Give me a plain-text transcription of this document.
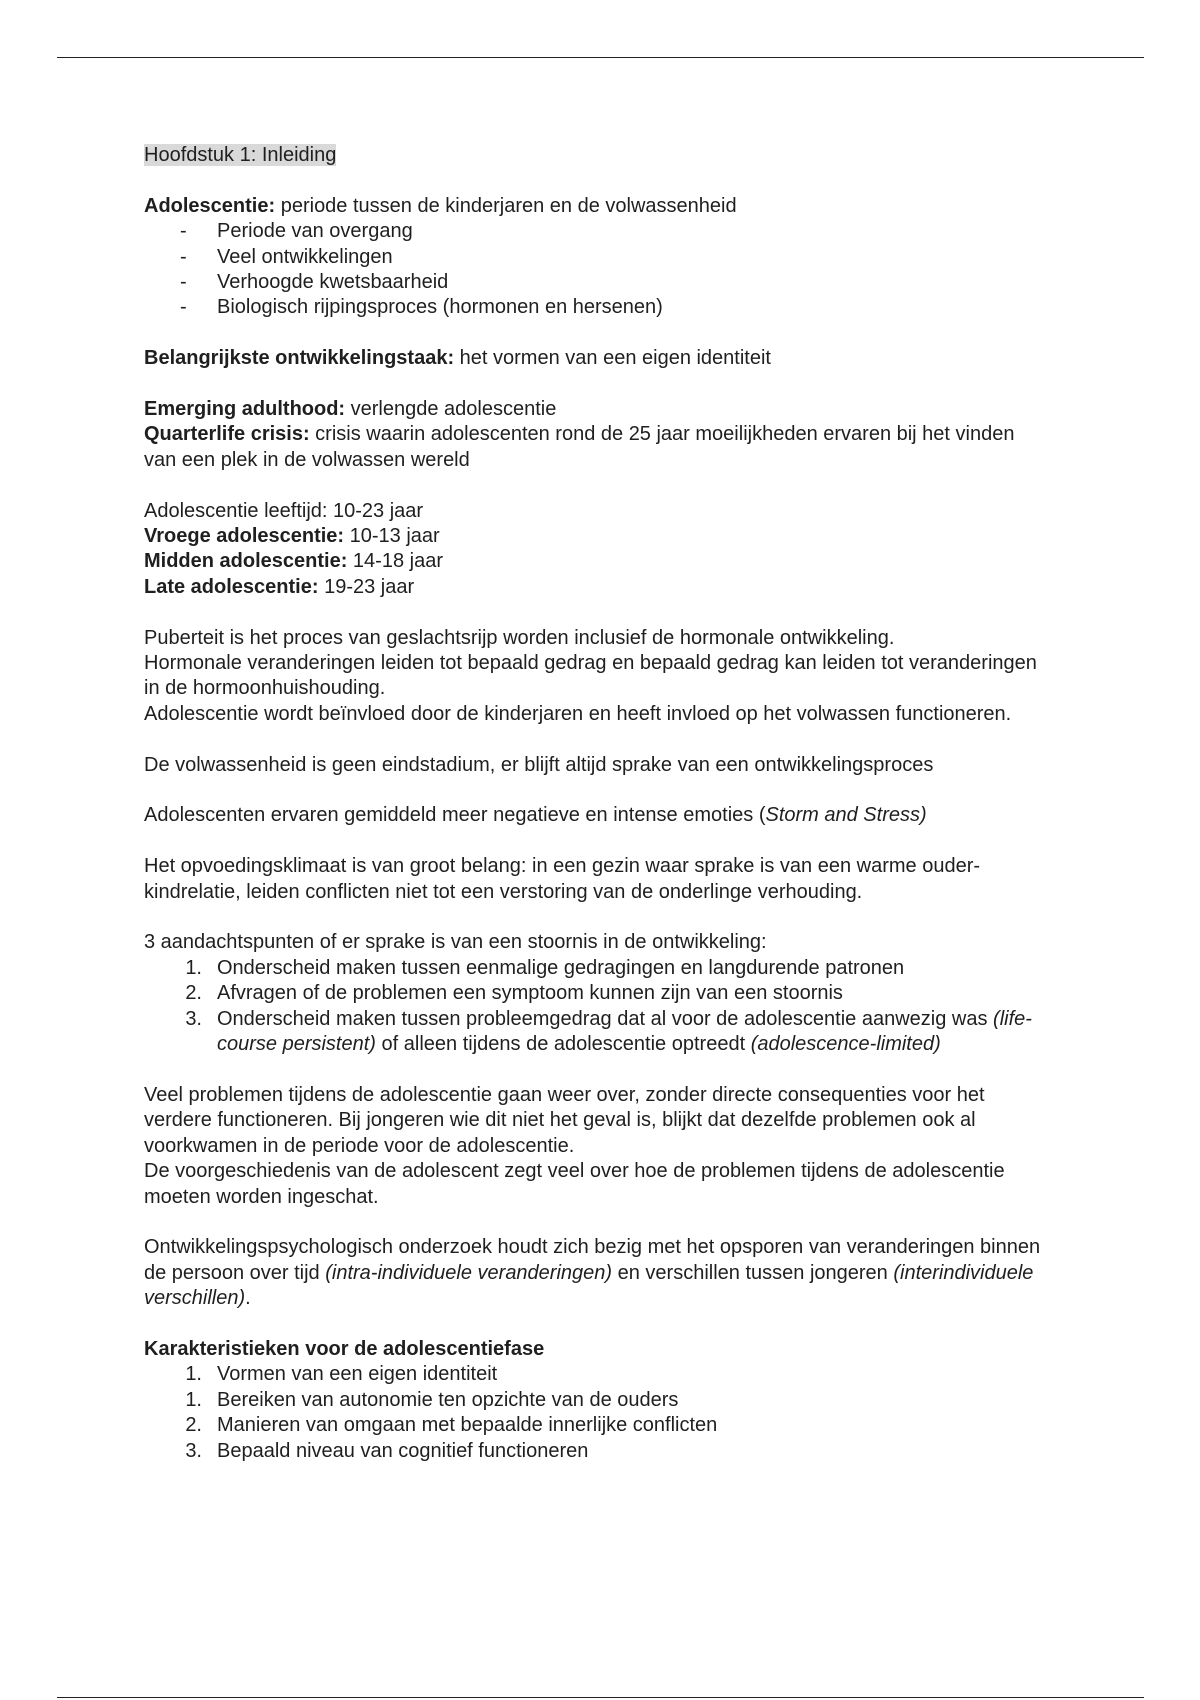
Hoofdstuk 1: Inleiding

Adolescentie: periode tussen de kinderjaren en de volwassenheid

- Periode van overgang
- Veel ontwikkelingen
- Verhoogde kwetsbaarheid
- Biologisch rijpingsproces (hormonen en hersenen)

Belangrijkste ontwikkelingstaak: het vormen van een eigen identiteit

Emerging adulthood: verlengde adolescentie

Quarterlife crisis: crisis waarin adolescenten rond de 25 jaar moeilijkheden ervaren bij het vinden van een plek in de volwassen wereld

Adolescentie leeftijd: 10-23 jaar

Vroege adolescentie: 10-13 jaar

Midden adolescentie: 14-18 jaar

Late adolescentie: 19-23 jaar

Puberteit is het proces van geslachtsrijp worden inclusief de hormonale ontwikkeling.

Hormonale veranderingen leiden tot bepaald gedrag en bepaald gedrag kan leiden tot veranderingen in de hormoonhuishouding.

Adolescentie wordt beïnvloed door de kinderjaren en heeft invloed op het volwassen functioneren.

De volwassenheid is geen eindstadium, er blijft altijd sprake van een ontwikkelingsproces

Adolescenten ervaren gemiddeld meer negatieve en intense emoties (Storm and Stress)

Het opvoedingsklimaat is van groot belang: in een gezin waar sprake is van een warme ouder-kindrelatie, leiden conflicten niet tot een verstoring van de onderlinge verhouding.

3 aandachtspunten of er sprake is van een stoornis in de ontwikkeling:

1. Onderscheid maken tussen eenmalige gedragingen en langdurende patronen
2. Afvragen of de problemen een symptoom kunnen zijn van een stoornis
3. Onderscheid maken tussen probleemgedrag dat al voor de adolescentie aanwezig was (life-course persistent) of alleen tijdens de adolescentie optreedt (adolescence-limited)

Veel problemen tijdens de adolescentie gaan weer over, zonder directe consequenties voor het verdere functioneren. Bij jongeren wie dit niet het geval is, blijkt dat dezelfde problemen ook al voorkwamen in de periode voor de adolescentie.

De voorgeschiedenis van de adolescent zegt veel over hoe de problemen tijdens de adolescentie moeten worden ingeschat.

Ontwikkelingspsychologisch onderzoek houdt zich bezig met het opsporen van veranderingen binnen de persoon over tijd (intra-individuele veranderingen) en verschillen tussen jongeren (interindividuele verschillen).

Karakteristieken voor de adolescentiefase

1. Vormen van een eigen identiteit
1. Bereiken van autonomie ten opzichte van de ouders
2. Manieren van omgaan met bepaalde innerlijke conflicten
3. Bepaald niveau van cognitief functioneren
